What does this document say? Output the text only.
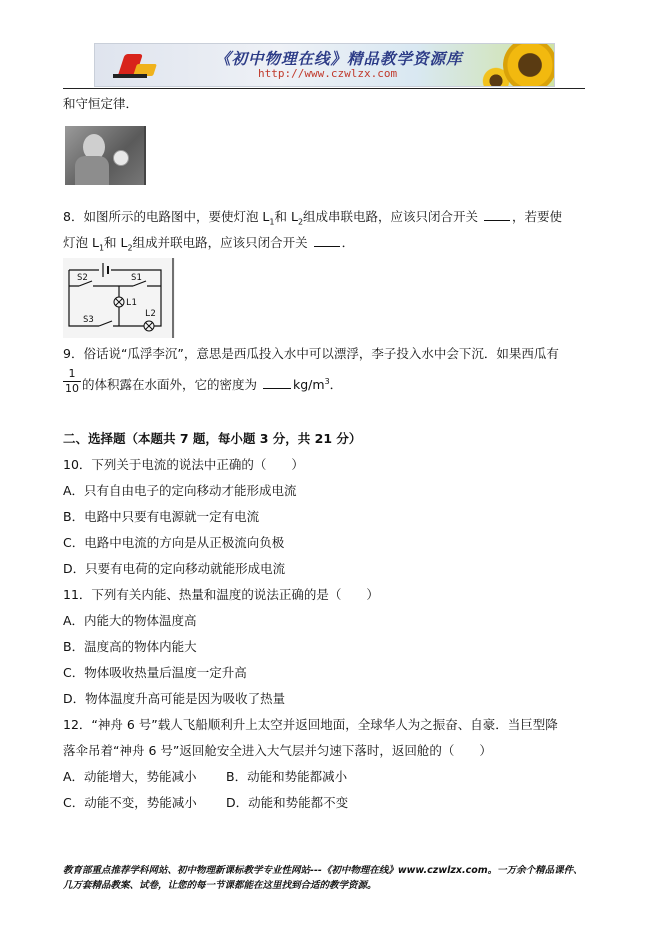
《初中物理在线》精品教学资源库
http://www.czwlzx.com
和守恒定律．
8．如图所示的电路图中，要使灯泡 $L_1$和 $L_2$组成串联电路，应该只闭合开关	，若要使
灯泡 $L_1$和 $L_2$组成并联电路，应该只闭合开关	．
S2	S1
L1
S3
L2
9．俗话说“瓜浮李沉”，意思是西瓜投入水中可以漂浮，李子投入水中会下沉．如果西瓜有
$\frac{1}{10}$ 的体积露在水面外，它的密度为	$kg/m^3$．
二、选择题（本题共 7 题，每小题 3 分，共 21 分）
10．下列关于电流的说法中正确的（　　）
A．只有自由电子的定向移动才能形成电流
B．电路中只要有电源就一定有电流
C．电路中电流的方向是从正极流向负极
D．只要有电荷的定向移动就能形成电流
11．下列有关内能、热量和温度的说法正确的是（　　）
A．内能大的物体温度高
B．温度高的物体内能大
C．物体吸收热量后温度一定升高
D．物体温度升高可能是因为吸收了热量
12．“神舟 6 号”载人飞船顺利升上太空并返回地面，全球华人为之振奋、自豪．当巨型降
落伞吊着“神舟 6 号”返回舱安全进入大气层并匀速下落时，返回舱的（　　）
A．动能增大，势能减小 B．动能和势能都减小
C．动能不变，势能减小 D．动能和势能都不变
教育部重点推荐学科网站、初中物理新课标教学专业性网站---《初中物理在线》www.czwlzx.com。一万余个精品课件、
几万套精品教案、试卷，让您的每一节课都能在这里找到合适的教学资源。
